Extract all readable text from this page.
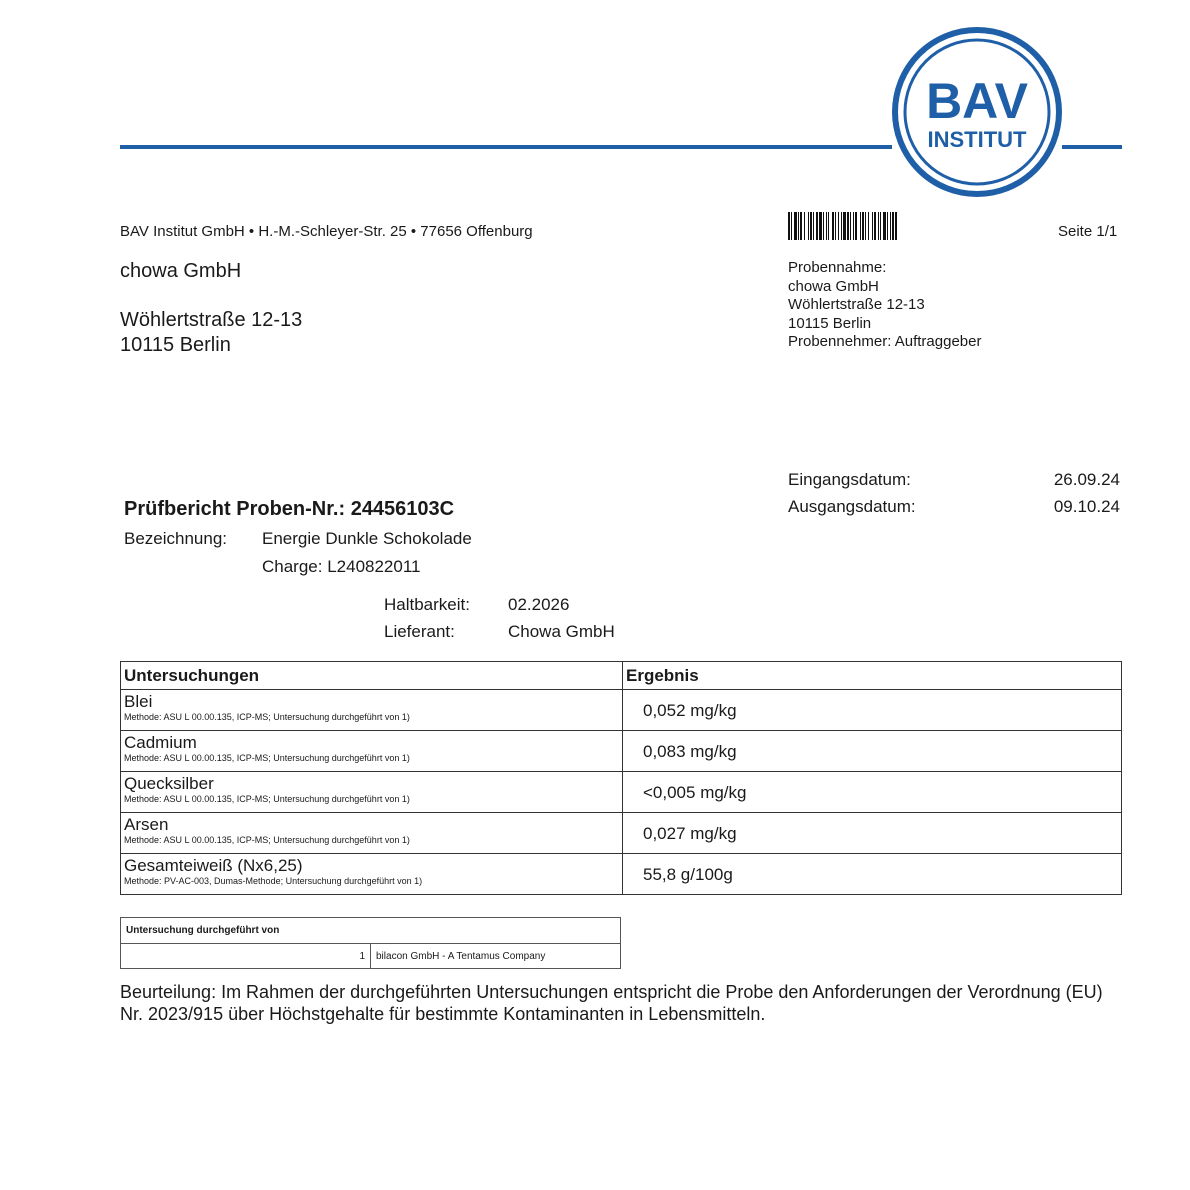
BAV
INSTITUT
BAV Institut GmbH • H.-M.-Schleyer-Str. 25 • 77656 Offenburg	Seite 1/1
chowa GmbH
Wöhlertstraße 12-13
10115 Berlin
Probennahme:
chowa GmbH
Wöhlertstraße 12-13
10115 Berlin
Probennehmer: Auftraggeber
Eingangsdatum:	26.09.24
Ausgangsdatum:	09.10.24
Prüfbericht Proben-Nr.: 24456103C
Bezeichnung: Energie Dunkle Schokolade
Charge: L240822011
Haltbarkeit: 02.2026
Lieferant:	Chowa GmbH
Untersuchungen	Ergebnis

Blei
Methode: ASU L 00.00.135, ICP-MS; Untersuchung durchgeführt von 1)	0,052 mg/kg

Cadmium
Methode: ASU L 00.00.135, ICP-MS; Untersuchung durchgeführt von 1)	0,083 mg/kg

Quecksilber
Methode: ASU L 00.00.135, ICP-MS; Untersuchung durchgeführt von 1)	<0,005 mg/kg

Arsen
Methode: ASU L 00.00.135, ICP-MS; Untersuchung durchgeführt von 1)	0,027 mg/kg

Gesamteiweiß (Nx6,25)
Methode: PV-AC-003, Dumas-Methode; Untersuchung durchgeführt von 1)	55,8 g/100g
Untersuchung durchgeführt von
1	bilacon GmbH - A Tentamus Company
Beurteilung: Im Rahmen der durchgeführten Untersuchungen entspricht die Probe den Anforderungen der Verordnung (EU) Nr. 2023/915 über Höchstgehalte für bestimmte Kontaminanten in Lebensmitteln.
